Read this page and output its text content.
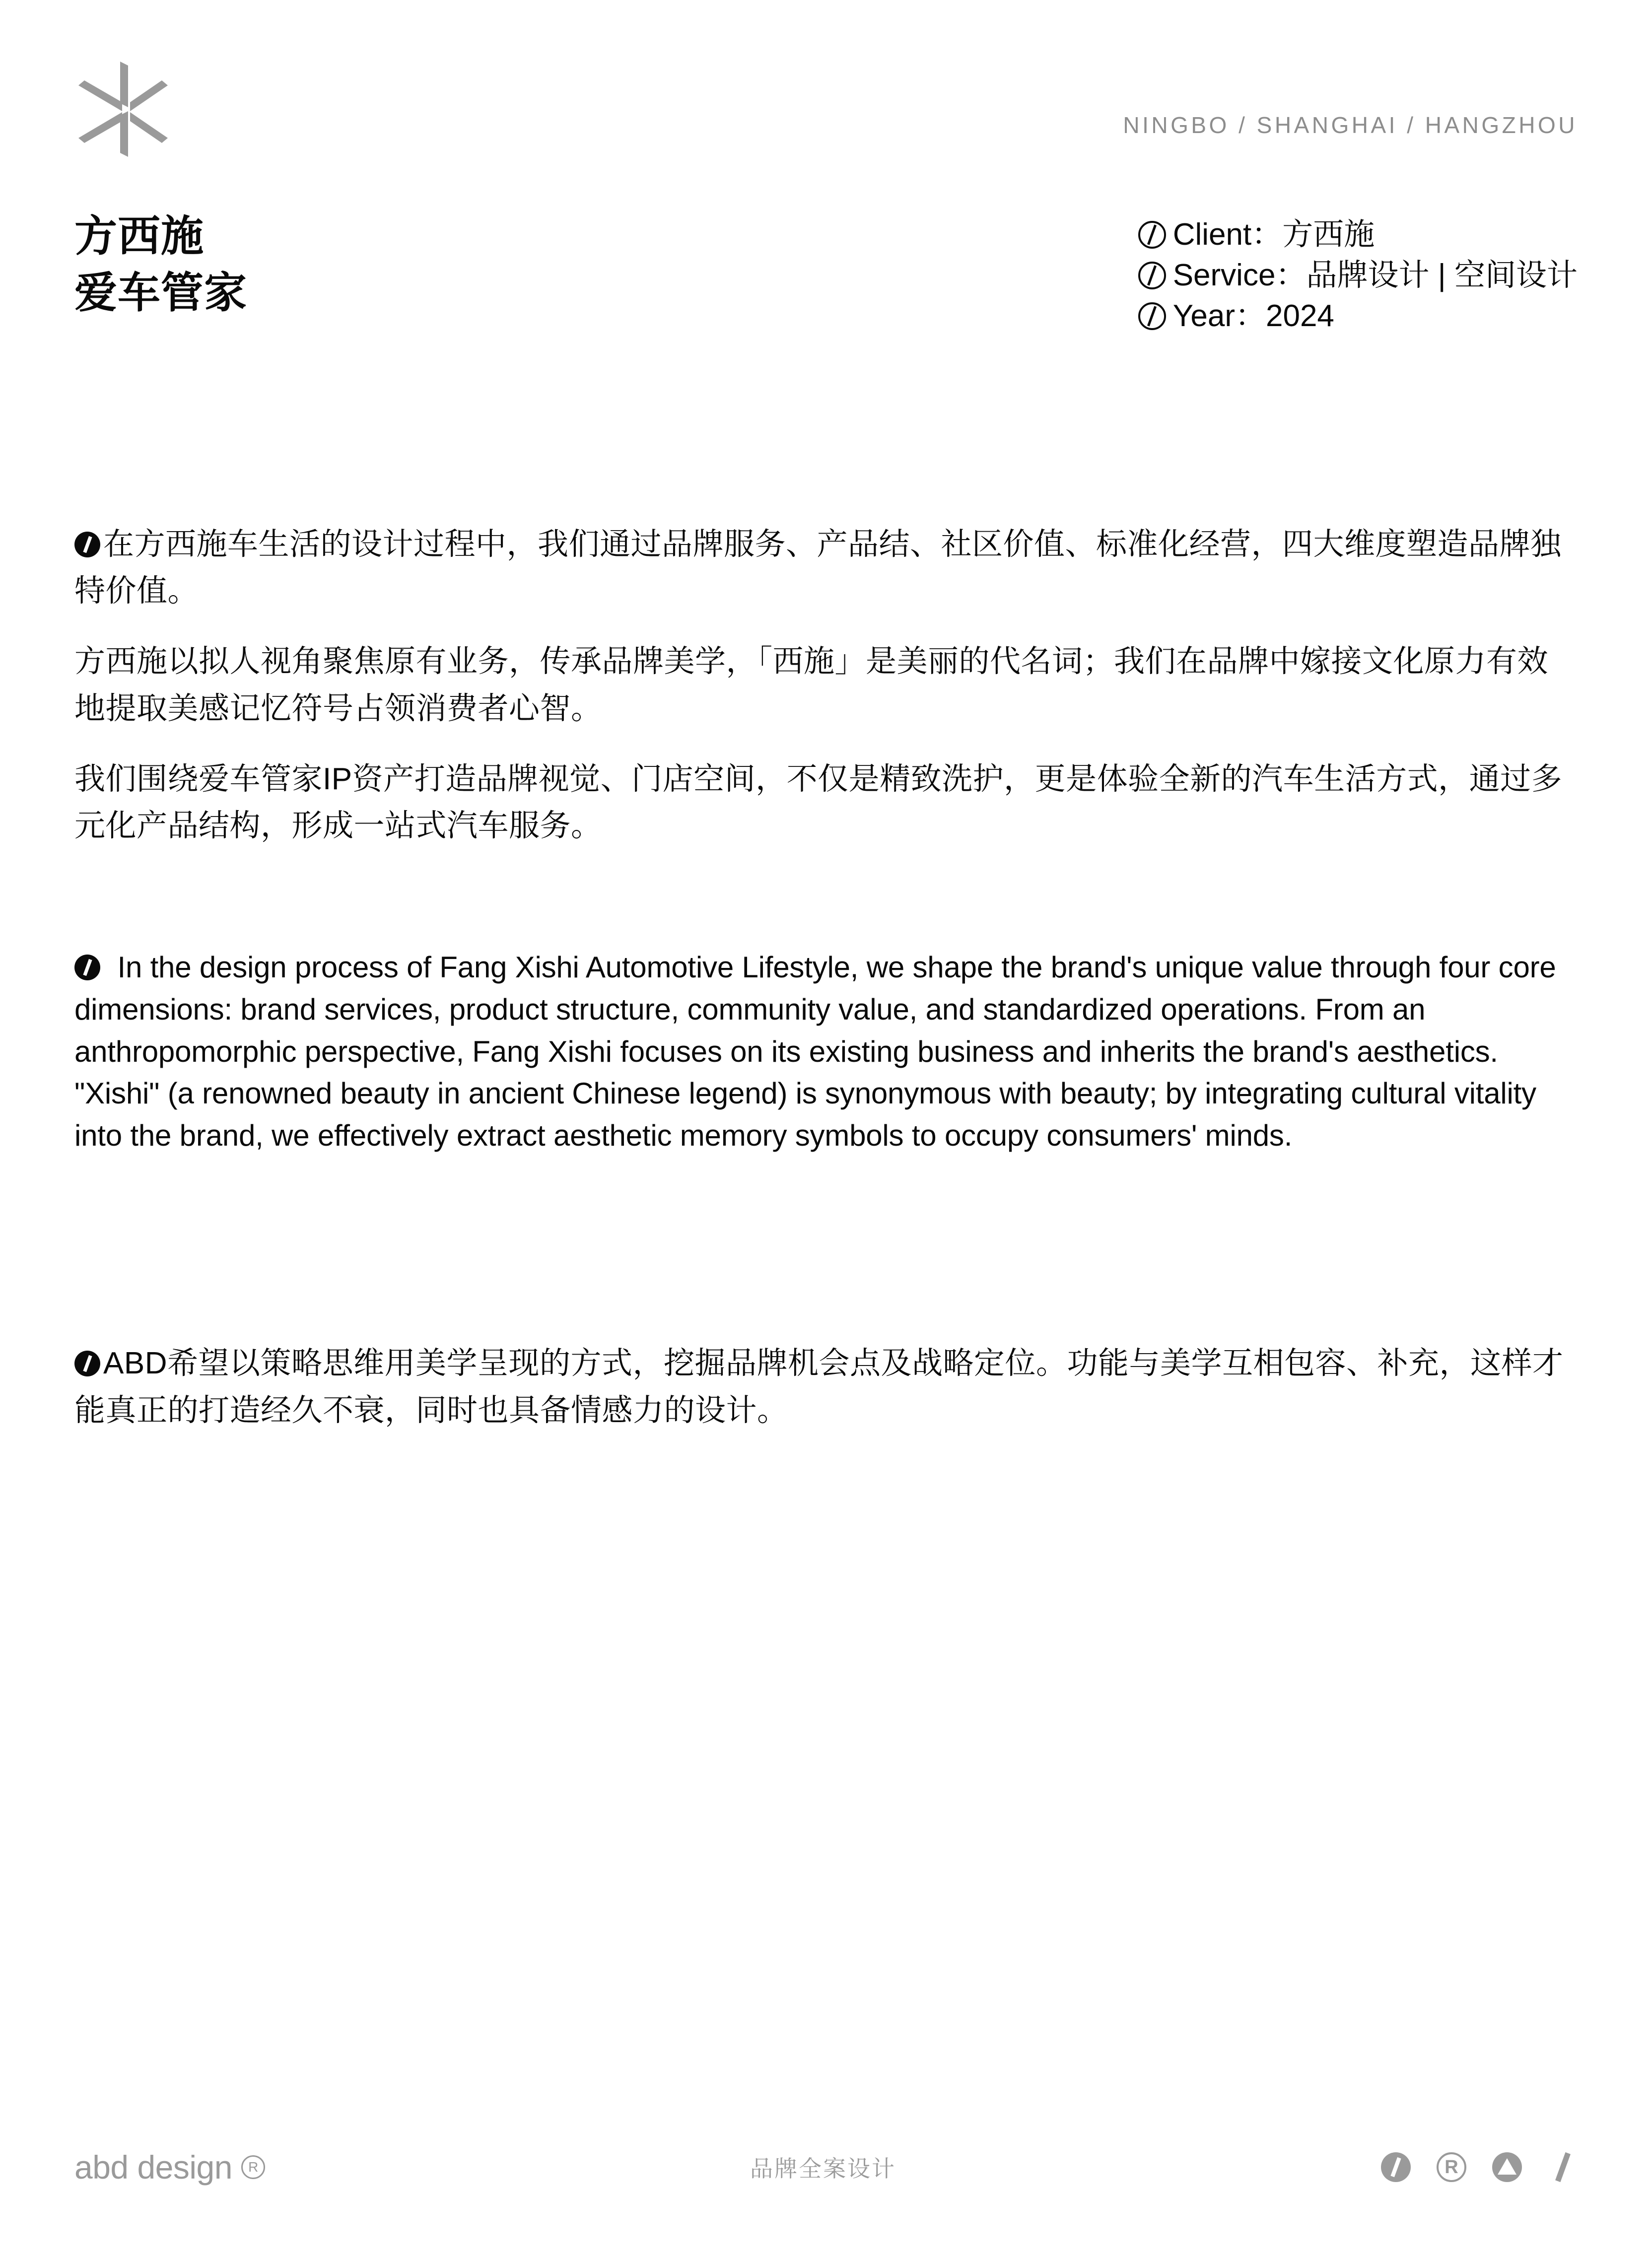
NINGBO / SHANGHAI / HANGZHOU
方西施
爱车管家
Client：方西施
Service：品牌设计 | 空间设计
Year：2024

在方西施车生活的设计过程中，我们通过品牌服务、产品结、社区价值、标准化经营，四大维度塑造品牌独特价值。

方西施以拟人视角聚焦原有业务，传承品牌美学，「西施」是美丽的代名词；我们在品牌中嫁接文化原力有效地提取美感记忆符号占领消费者心智。

我们围绕爱车管家IP资产打造品牌视觉、门店空间，不仅是精致洗护，更是体验全新的汽车生活方式，通过多元化产品结构，形成一站式汽车服务。

In the design process of Fang Xishi Automotive Lifestyle, we shape the brand's unique value through four core dimensions: brand services, product structure, community value, and standardized operations. From an anthropomorphic perspective, Fang Xishi focuses on its existing business and inherits the brand's aesthetics. "Xishi" (a renowned beauty in ancient Chinese legend) is synonymous with beauty; by integrating cultural vitality into the brand, we effectively extract aesthetic memory symbols to occupy consumers' minds.

ABD希望以策略思维用美学呈现的方式，挖掘品牌机会点及战略定位。功能与美学互相包容、补充，这样才能真正的打造经久不衰，同时也具备情感力的设计。

abd design	R	品牌全案设计	R
